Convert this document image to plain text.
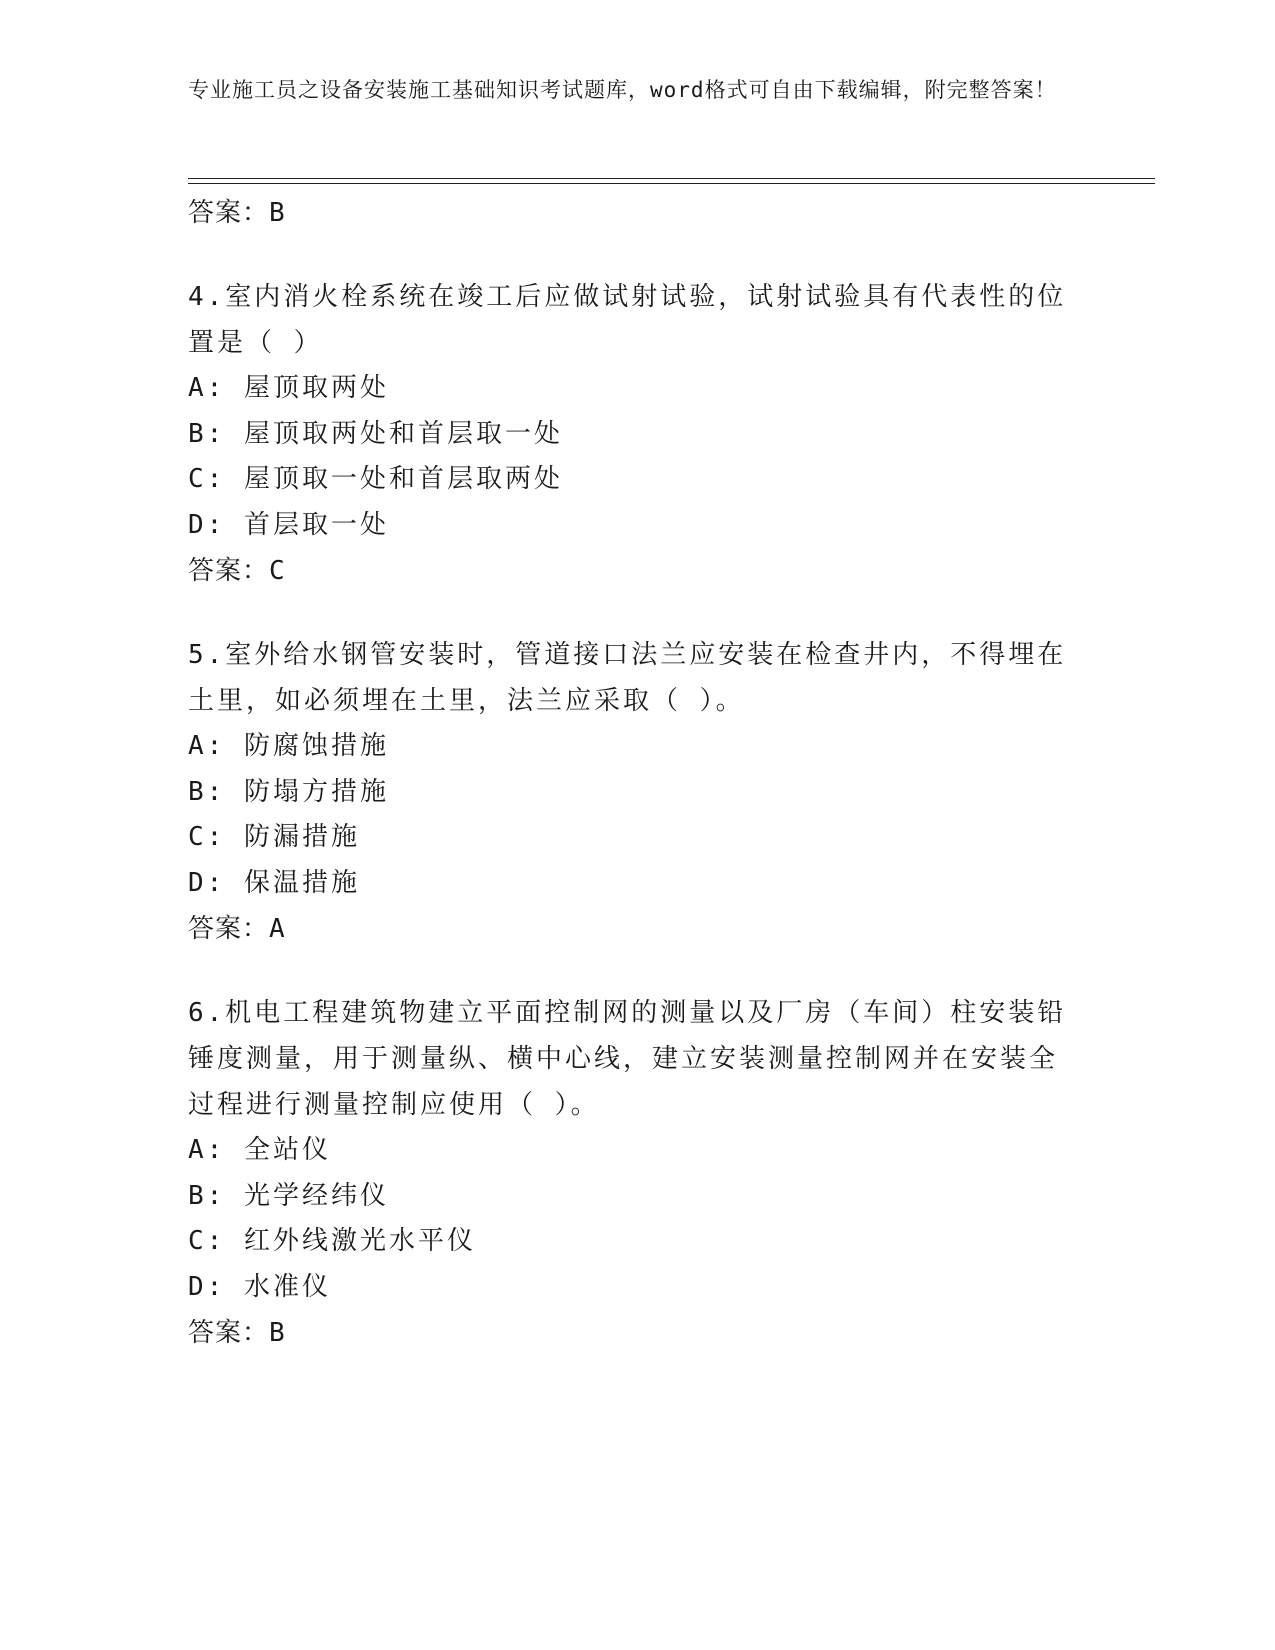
专业施工员之设备安装施工基础知识考试题库，word格式可自由下载编辑，附完整答案！

答案：B

4.室内消火栓系统在竣工后应做试射试验，试射试验具有代表性的位置是（ ）

A: 屋顶取两处

B: 屋顶取两处和首层取一处

C: 屋顶取一处和首层取两处

D: 首层取一处

答案：C

5.室外给水钢管安装时，管道接口法兰应安装在检查井内，不得埋在土里，如必须埋在土里，法兰应采取（ ）。

A: 防腐蚀措施

B: 防塌方措施

C: 防漏措施

D: 保温措施

答案：A

6.机电工程建筑物建立平面控制网的测量以及厂房（车间）柱安装铅锤度测量，用于测量纵、横中心线，建立安装测量控制网并在安装全过程进行测量控制应使用（ ）。

A: 全站仪

B: 光学经纬仪

C: 红外线激光水平仪

D: 水准仪

答案：B
